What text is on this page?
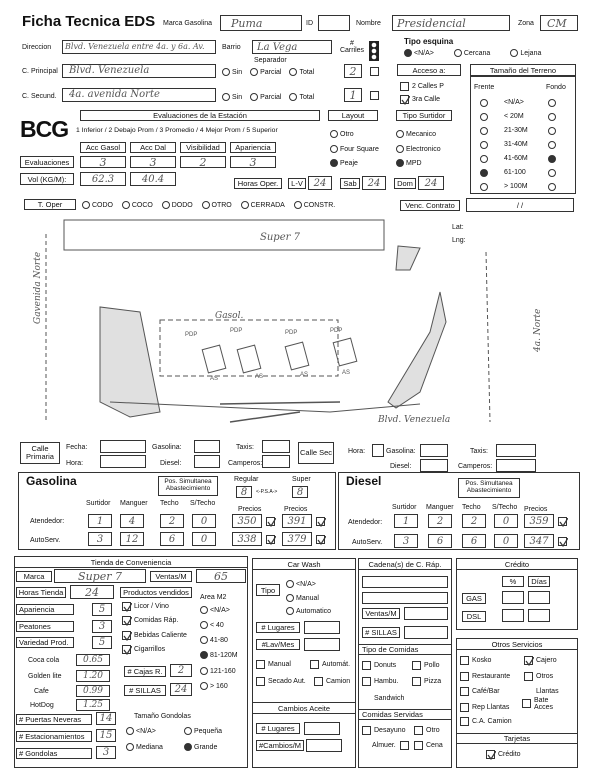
Ficha Tecnica EDS Marca Gasolina Puma	ID	Nombre Presidencial	Zona CM
Direccion Blvd. Venezuela entre 4a. y 6a. Av. Barrio La Vega	# Carriles
Separador
C. Principal Blvd. Venezuela	Sin	Parcial	Total	2
C. Secund. 4a. avenida Norte	Sin	Parcial	Total	1
Tipo esquina
<N/A>	Cercana	Lejana
Acceso a:
2 Calles P
3ra Calle
Tamaño del Terreno
Frente	Fondo
<N/A>
< 20M
21-30M
31-40M
41-60M
61-100
> 100M
BCG
Evaluaciones de la Estación
1 Inferior / 2 Debajo Prom / 3 Promedio / 4 Mejor Prom / 5 Superior
Acc Gasol	Acc Dal	Visibilidad	Apariencia
Evaluaciones	3	3	2	3
Vol (KG/M):	62.3	40.4	Horas Oper.	L-V	24	Sab	24	Dom	24
Layout
Otro
Four Square
Peaje
Tipo Surtidor
Mecanico
Electronico
MPD
T. Oper	CODO	COCO	DODO	OTRO	CERRADA	CONSTR.	Venc. Contrato	/ /
Lat:
Lng:
Super 7
Gasol.
Gavenida Norte
4a. Norte
Blvd. Venezuela
PDP
PDP	PDP	PDP
AS	AS	AS	AS
Calle Primaria
Fecha:
Hora:
Gasolina:
Diesel:
Taxis:
Camperos:
Calle Sec Hora:	Gasolina:
Diesel:
Taxis:
Camperos:
Gasolina	Pos. Simultanea Abastecimiento
Regular	Super
8	<-P.S.A->	8
Surtidor Manguer Techo S/Techo
Precios	Precios
Atendedor:	1	4	2	0	350	391
AutoServ.	3	12	6	0	338	379
Diesel	Pos. Simultanea Abastecimiento
Surtidor Manguer Techo S/Techo Precios
Atendedor:	1	2	2	0	359
AutoServ.	3	6	6	0	347
Tienda de Conveniencia
Marca	Super 7	Ventas/M	65
Horas Tienda	24	Productos vendidos
Area M2
Apariencia	5
Peatones	3
Variedad Prod.	5
Licor / Vino
Comidas Ráp.
Bebidas Caliente
Cigarrillos
<N/A>
< 40
41-80
81-120M
121-160
> 160
Coca cola	0.65
Golden lite	1.20
Cafe	0.99
HotDog	1.25
# Cajas R.	2
# SILLAS	24
# Puertas Neveras	14
# Estacionamientos	15
# Gondolas	3
Tamaño Gondolas
<N/A>	Pequeña
Mediana	Grande
Car Wash
Tipo
<N/A>
Manual
Automatico
# Lugares
#Lav/Mes
Manual	Automát.
Secado Aut.	Camion
Cambios Aceite
# Lugares
#Cambios/M
Cadena(s) de C. Ráp.
Ventas/M
# SILLAS
Tipo de Comidas
Donuts	Pollo
Hambu.	Pizza
Sandwich
Comidas Servidas
Desayuno	Otro
Almuer.	Cena
Crédito
%	Días
GAS
DSL
Otros Servicios
Kosko	Cajero
Restaurante	Otros
Café/Bar	Llantas
Rep Llantas
Bate Acces
C.A. Camion
Tarjetas
Crédito
